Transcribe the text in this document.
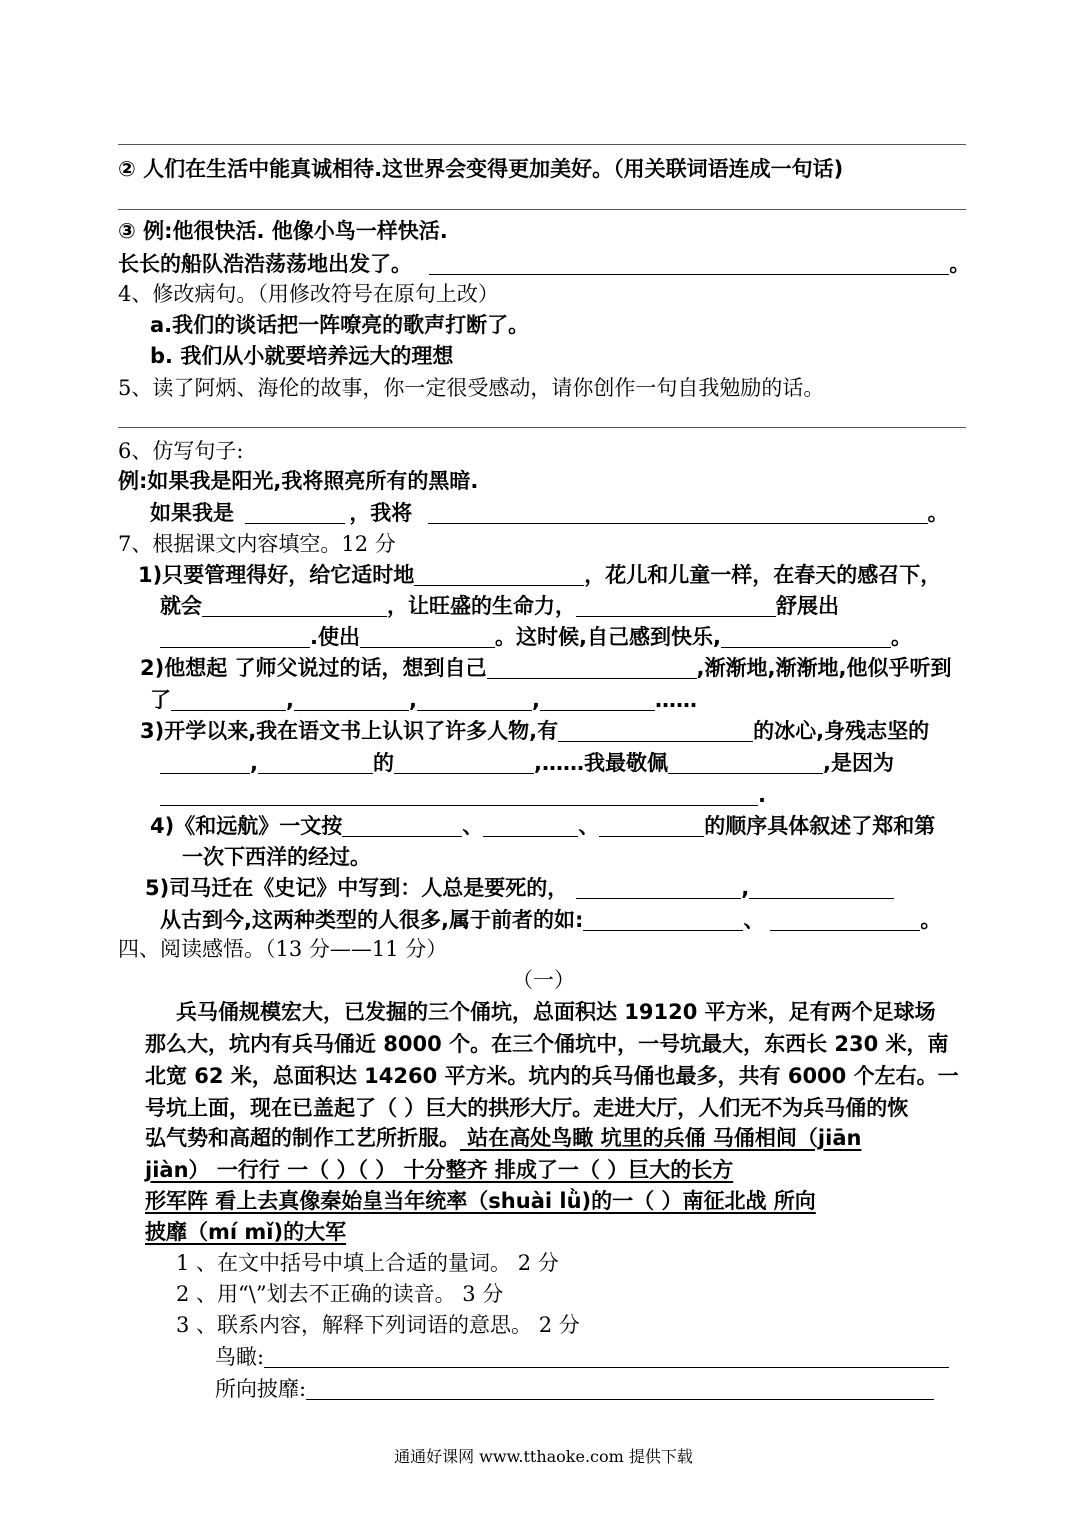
② 人们在生活中能真诚相待.这世界会变得更加美好。（用关联词语连成一句话)
③ 例:他很快活. 他像小鸟一样快活.
长长的船队浩浩荡荡地出发了。	。
4、修改病句。（用修改符号在原句上改）
a.我们的谈话把一阵嘹亮的歌声打断了。
b. 我们从小就要培养远大的理想
5、读了阿炳、海伦的故事，你一定很受感动，请你创作一句自我勉励的话。
6、仿写句子:
例:如果我是阳光,我将照亮所有的黑暗.
如果我是	，我将	。
7、根据课文内容填空。12 分
1)只要管理得好，给它适时地	，花儿和儿童一样，在春天的感召下，
就会	，让旺盛的生命力，	舒展出
.使出	。这时候,自己感到快乐,	。
2)他想起 了师父说过的话，想到自己	,渐渐地,渐渐地,他似乎听到
了	,	,	,	……
3)开学以来,我在语文书上认识了许多人物,有	的冰心,身残志坚的
,	的	,……我最敬佩	,是因为
.
4)《和远航》一文按	、	、	的顺序具体叙述了郑和第
一次下西洋的经过。
5)司马迁在《史记》中写到：人总是要死的，	,
从古到今,这两种类型的人很多,属于前者的如:	、	。
四、阅读感悟。（13 分——11 分）
（一）
兵马俑规模宏大，已发掘的三个俑坑，总面积达 19120 平方米，足有两个足球场
那么大，坑内有兵马俑近 8000 个。在三个俑坑中，一号坑最大，东西长 230 米，南
北宽 62 米，总面积达 14260 平方米。坑内的兵马俑也最多，共有 6000 个左右。一
号坑上面，现在已盖起了（ ）巨大的拱形大厅。走进大厅，人们无不为兵马俑的恢
弘气势和高超的制作工艺所折服。 站在高处鸟瞰 坑里的兵俑 马俑相间（jiān
jiàn） 一行行 一（ ）（ ） 十分整齐 排成了一（ ）巨大的长方
形军阵 看上去真像秦始皇当年统率（shuài lǜ)的一（ ）南征北战 所向
披靡（mí mǐ)的大军
1 、在文中括号中填上合适的量词。 2 分
2 、用“\”划去不正确的读音。 3 分
3 、联系内容，解释下列词语的意思。 2 分
鸟瞰:
所向披靡:
通通好课网 www.tthaoke.com 提供下载
